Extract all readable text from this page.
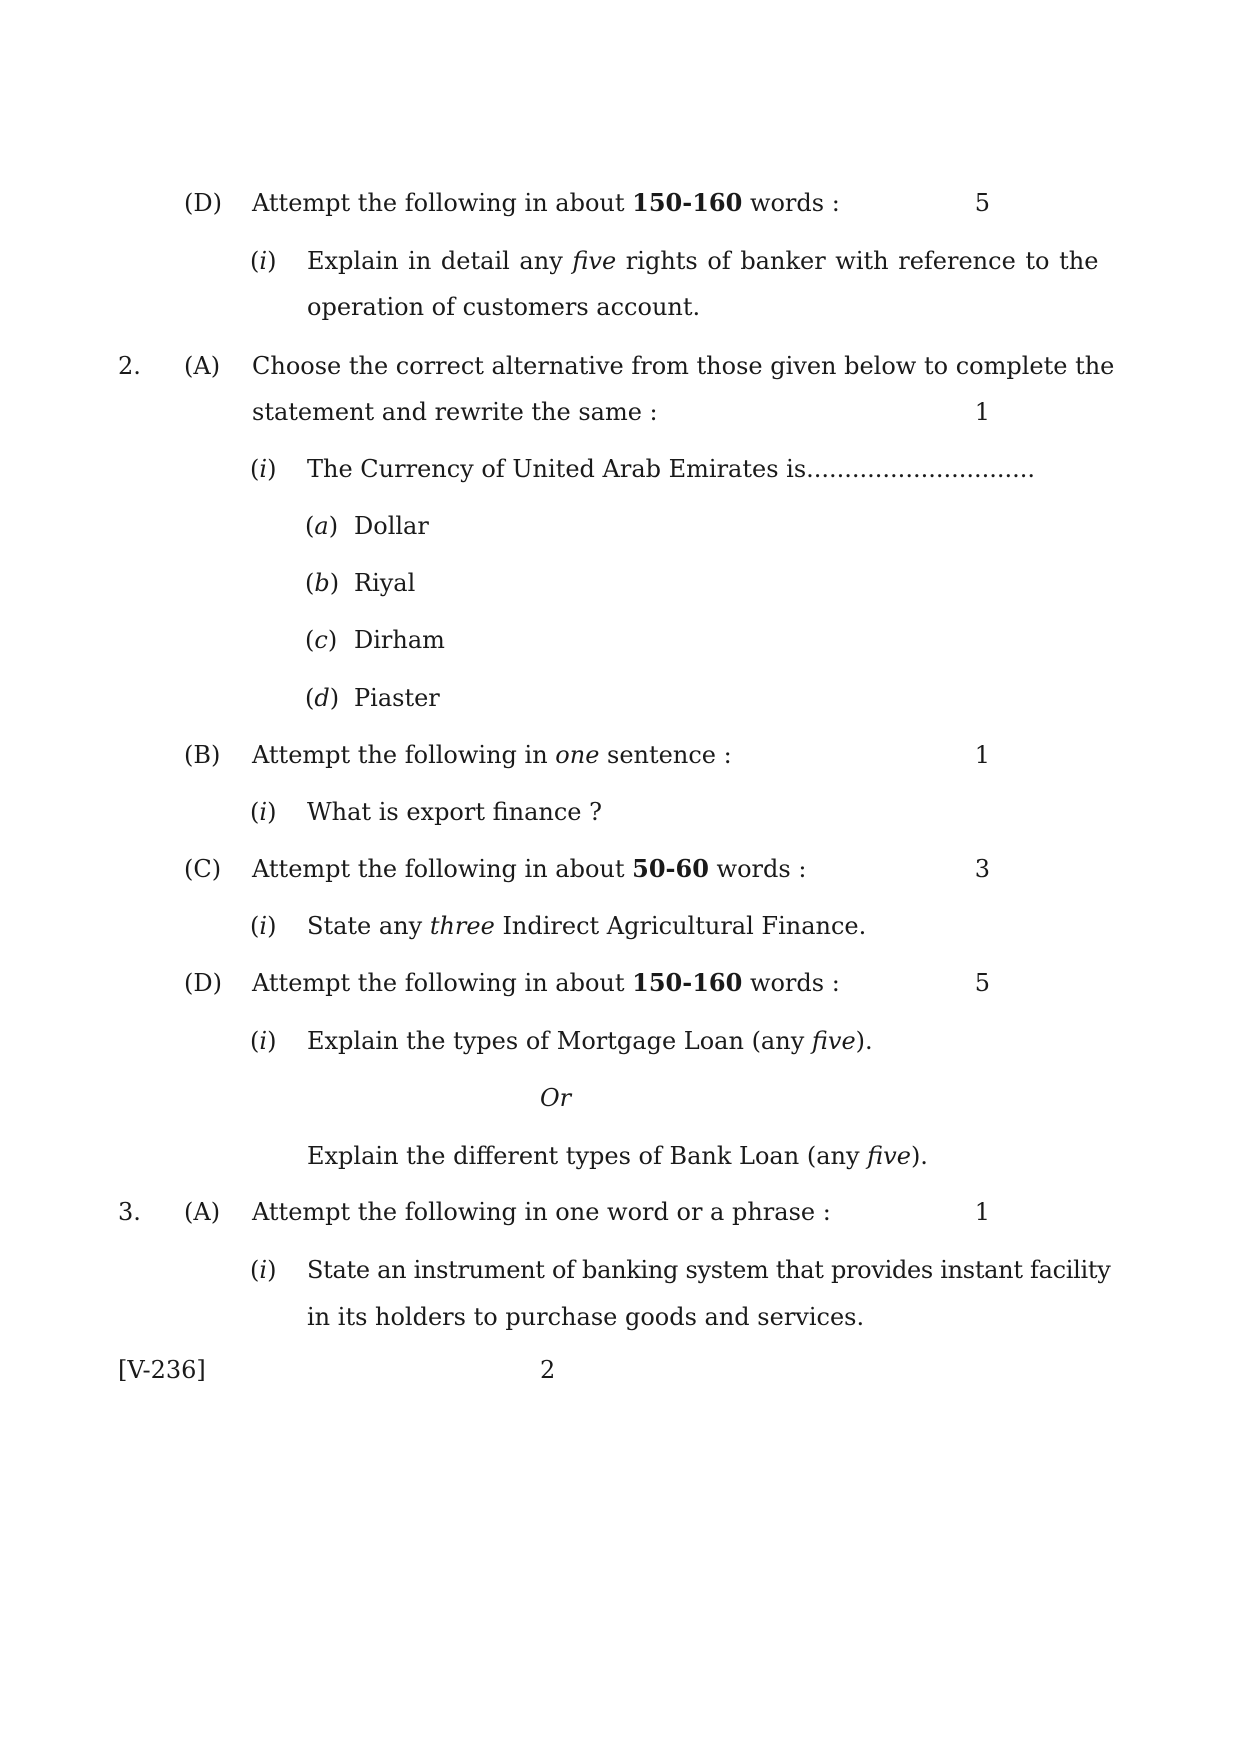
(D) Attempt the following in about 150-160 words :	5
(i) Explain in detail any five rights of banker with reference to the
operation of customers account.
2. (A) Choose the correct alternative from those given below to complete the
statement and rewrite the same :	1
(i) The Currency of United Arab Emirates is..............................
(a) Dollar
(b) Riyal
(c) Dirham
(d) Piaster
(B) Attempt the following in one sentence :	1
(i) What is export finance ?
(C) Attempt the following in about 50-60 words :	3
(i) State any three Indirect Agricultural Finance.
(D) Attempt the following in about 150-160 words :	5
(i) Explain the types of Mortgage Loan (any five).
Or
Explain the different types of Bank Loan (any five).
3. (A) Attempt the following in one word or a phrase :	1
(i) State an instrument of banking system that provides instant facility
in its holders to purchase goods and services.
[V-236]	2
